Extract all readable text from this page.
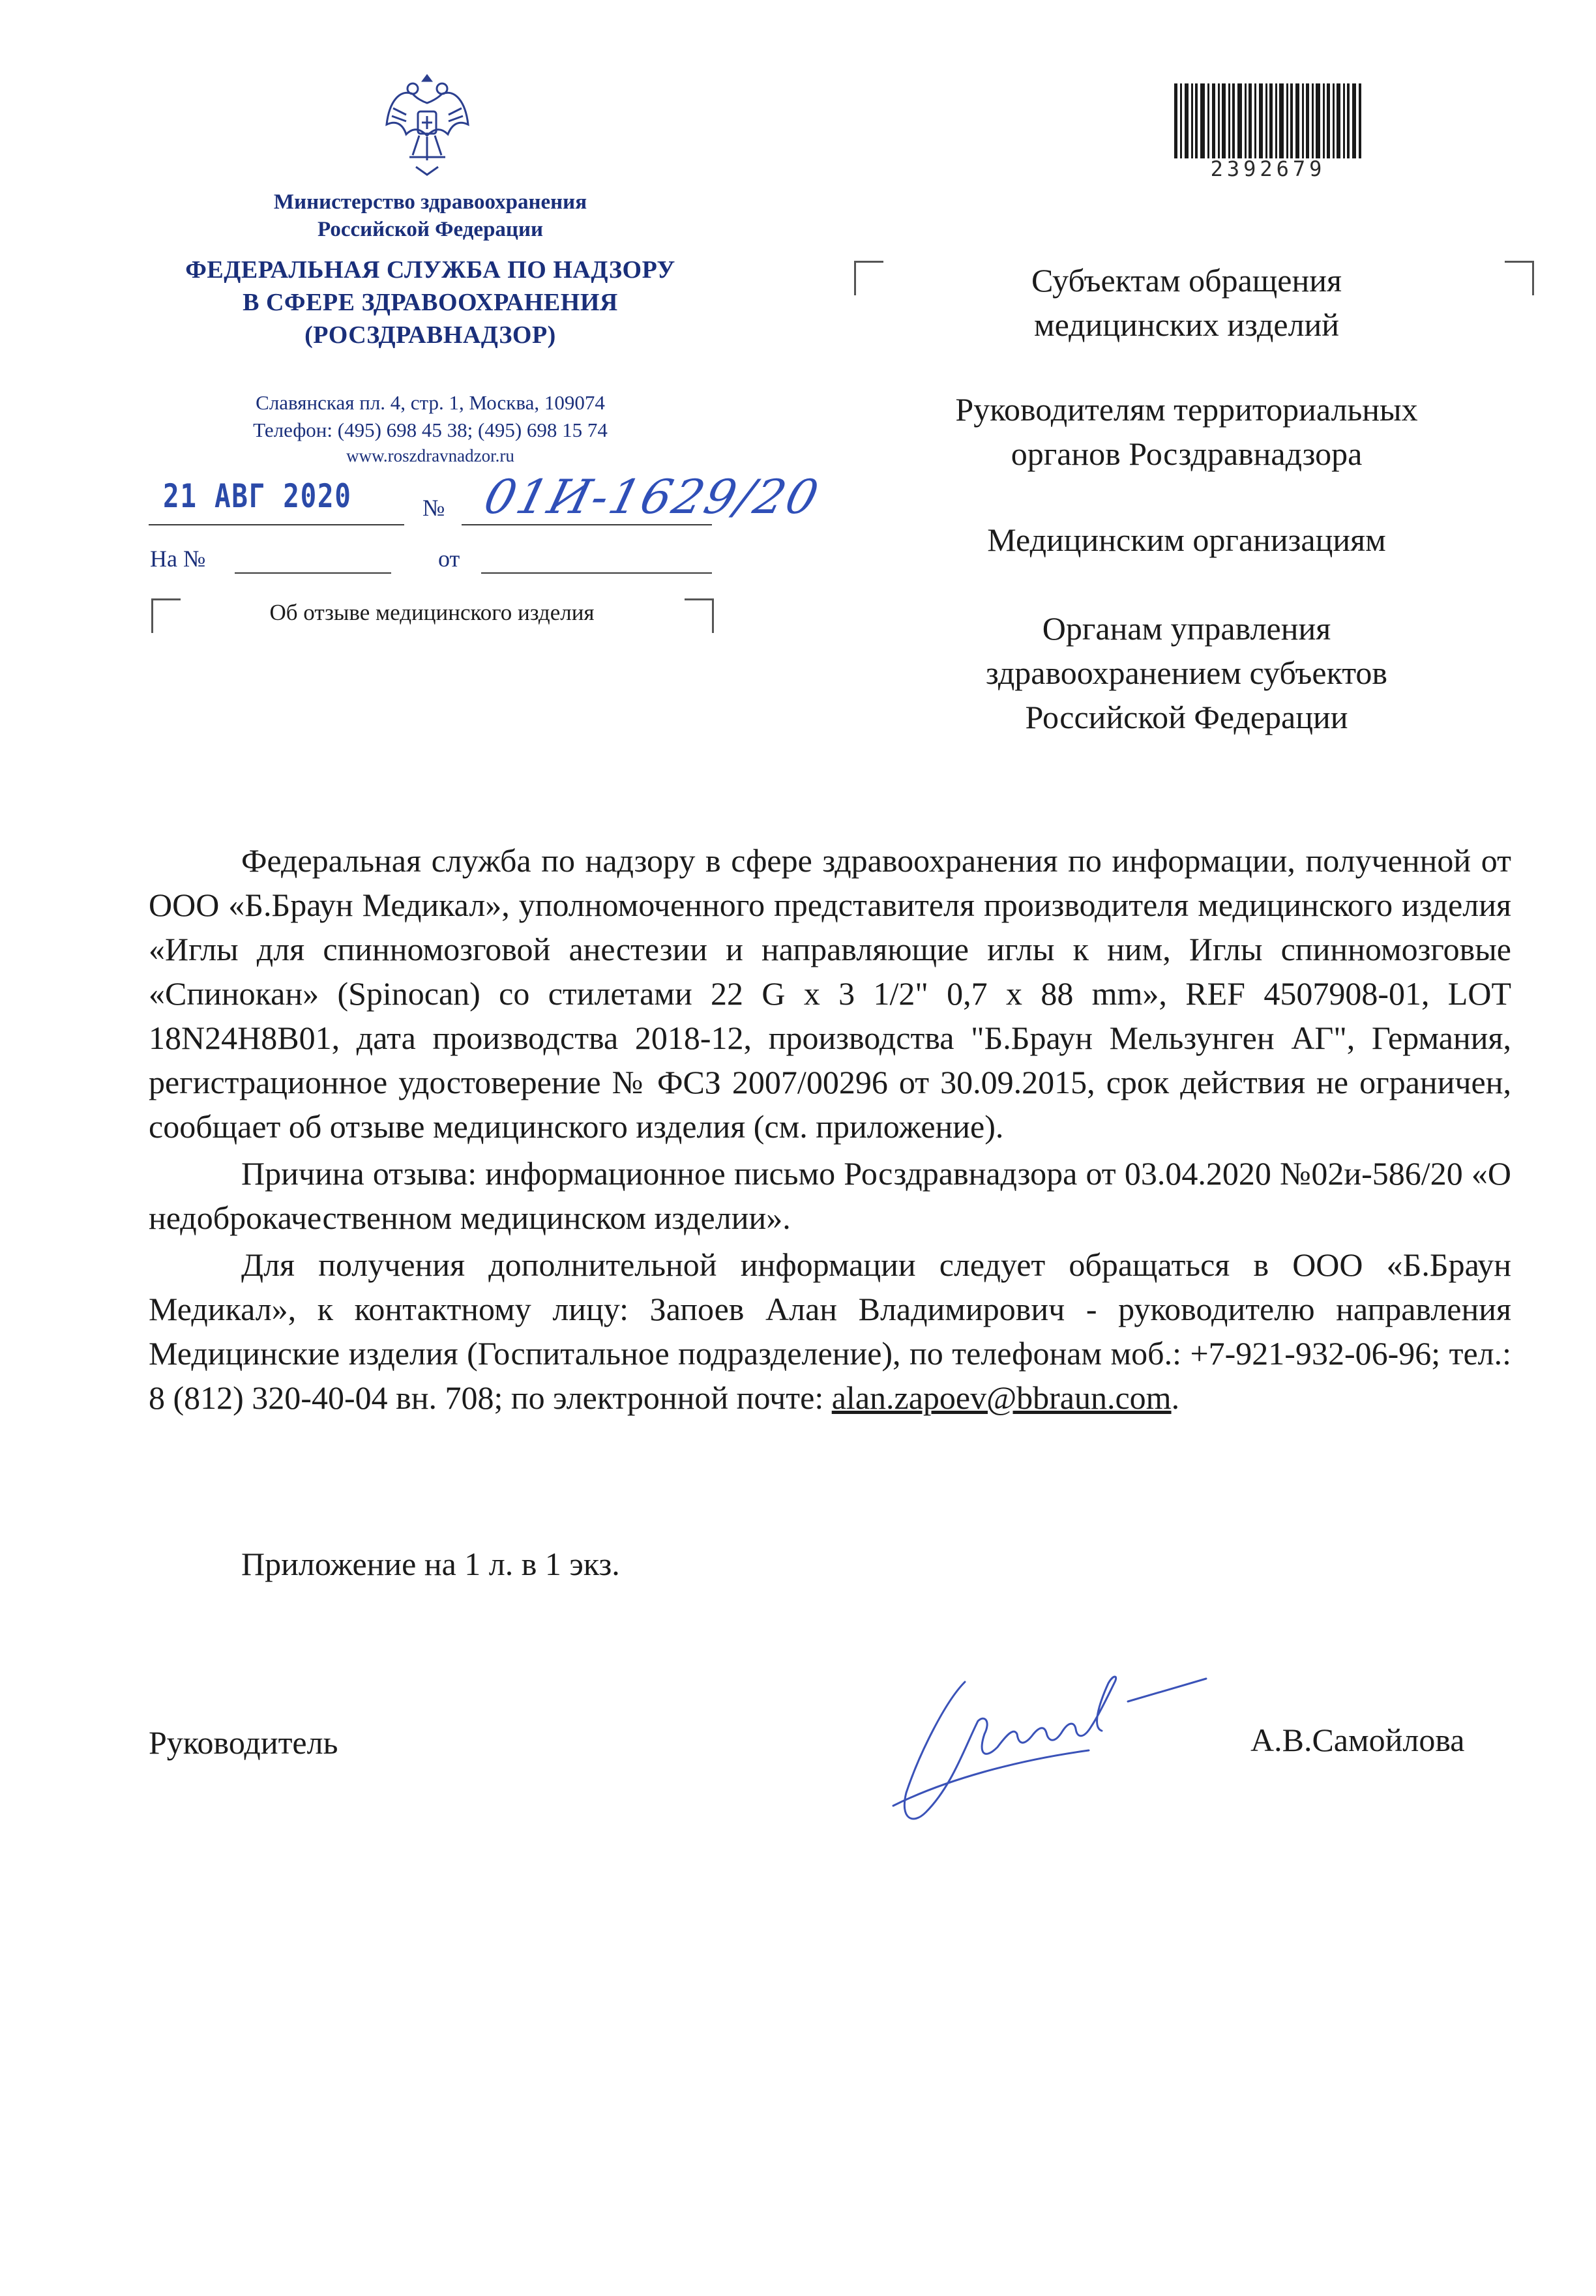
Министерство здравоохранения
Российской Федерации
ФЕДЕРАЛЬНАЯ СЛУЖБА ПО НАДЗОРУ
В СФЕРЕ ЗДРАВООХРАНЕНИЯ
(РОСЗДРАВНАДЗОР)
Славянская пл. 4, стр. 1, Москва, 109074
Телефон: (495) 698 45 38; (495) 698 15 74
www.roszdravnadzor.ru
21 АВГ 2020	№ 01И-1629/20
На №	от
Об отзыве медицинского изделия
2392679
Субъектам обращения
медицинских изделий
Руководителям территориальных
органов Росздравнадзора
Медицинским организациям
Органам управления
здравоохранением субъектов
Российской Федерации

Федеральная служба по надзору в сфере здравоохранения по информации, полученной от ООО «Б.Браун Медикал», уполномоченного представителя производителя медицинского изделия «Иглы для спинномозговой анестезии и направляющие иглы к ним, Иглы спинномозговые «Спинокан» (Spinocan) со стилетами 22 G x 3 1/2" 0,7 x 88 mm», REF 4507908-01, LOT 18N24H8B01, дата производства 2018-12, производства "Б.Браун Мельзунген АГ", Германия, регистрационное удостоверение № ФСЗ 2007/00296 от 30.09.2015, срок действия не ограничен, сообщает об отзыве медицинского изделия (см. приложение).

Причина отзыва: информационное письмо Росздравнадзора от 03.04.2020 №02и-586/20 «О недоброкачественном медицинском изделии».

Для получения дополнительной информации следует обращаться в ООО «Б.Браун Медикал», к контактному лицу: Запоев Алан Владимирович - руководителю направления Медицинские изделия (Госпитальное подразделение), по телефонам моб.: +7-921-932-06-96; тел.: 8 (812) 320-40-04 вн. 708; по электронной почте: alan.zapoev@bbraun.com.

Приложение на 1 л. в 1 экз.
Руководитель	А.В.Самойлова
